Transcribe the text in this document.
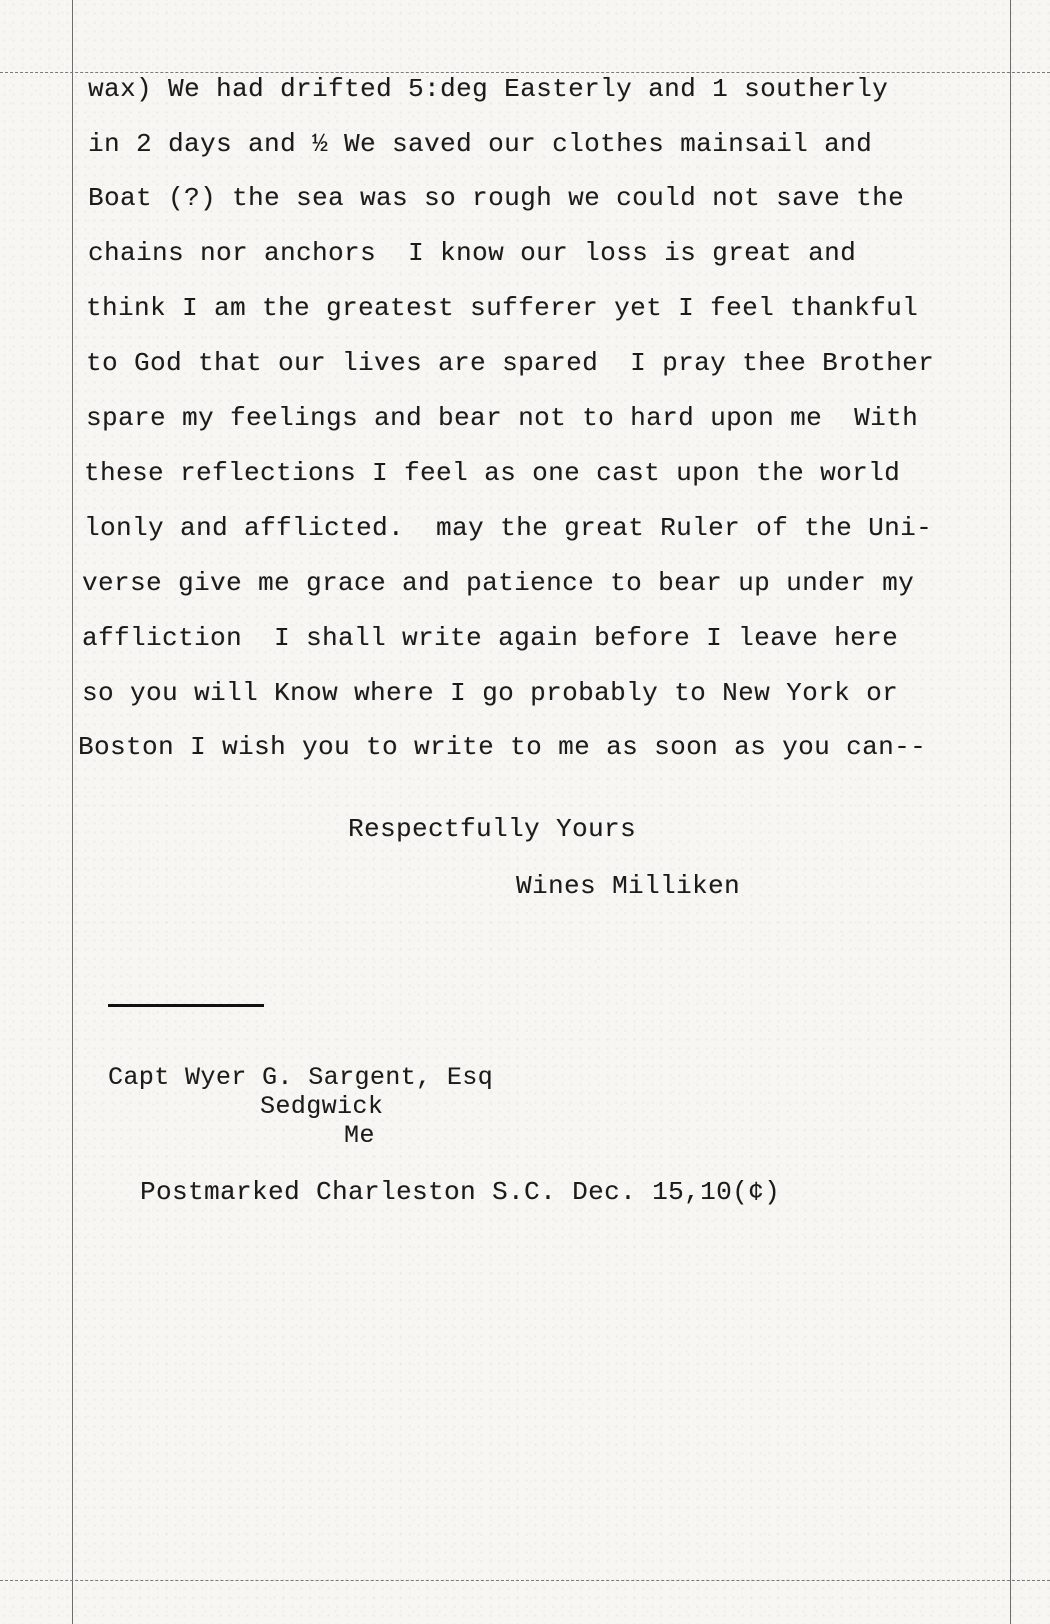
wax) We had drifted 5:deg Easterly and 1 southerly
in 2 days and ½ We saved our clothes mainsail and
Boat (?) the sea was so rough we could not save the
chains nor anchors  I know our loss is great and
think I am the greatest sufferer yet I feel thankful
to God that our lives are spared  I pray thee Brother
spare my feelings and bear not to hard upon me  With
these reflections I feel as one cast upon the world
lonly and afflicted.  may the great Ruler of the Uni-
verse give me grace and patience to bear up under my
affliction  I shall write again before I leave here
so you will Know where I go probably to New York or
Boston I wish you to write to me as soon as you can--
Respectfully Yours
Wines Milliken
Capt Wyer G. Sargent, Esq
Sedgwick
Me
Postmarked Charleston S.C. Dec. 15,10(¢)
